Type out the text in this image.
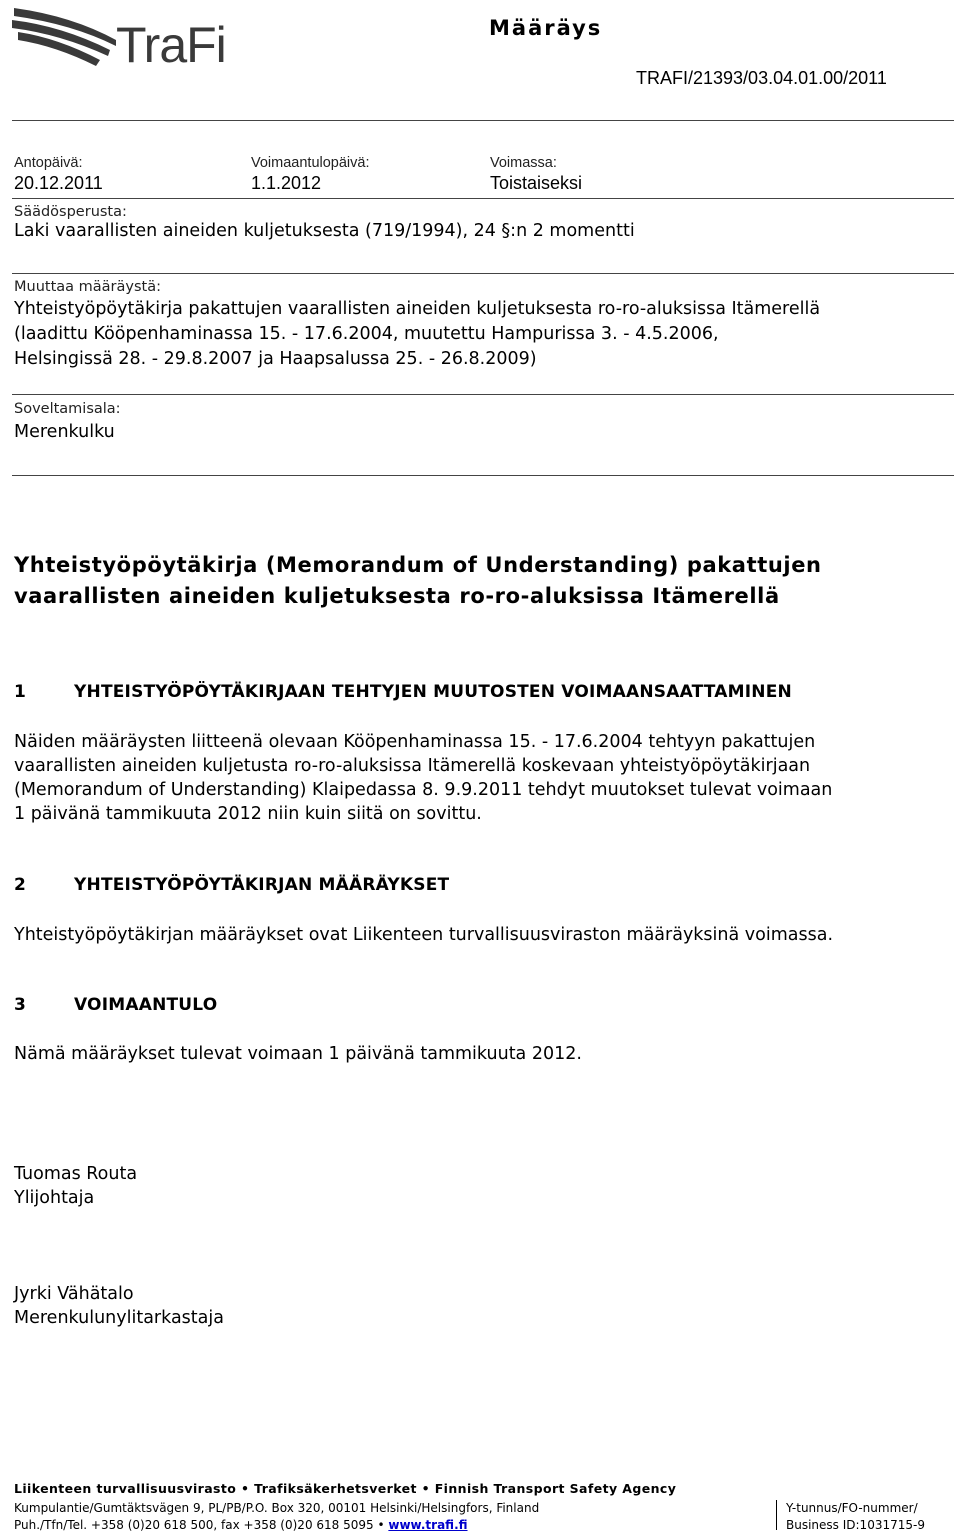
TraFi	Määräys
TRAFI/21393/03.04.01.00/2011
Antopäivä:
20.12.2011
Voimaantulopäivä:
1.1.2012
Voimassa:
Toistaiseksi
Säädösperusta:
Laki vaarallisten aineiden kuljetuksesta (719/1994), 24 §:n 2 momentti
Muuttaa määräystä:
Yhteistyöpöytäkirja pakattujen vaarallisten aineiden kuljetuksesta ro-ro-aluksissa Itämerellä
(laadittu Kööpenhaminassa 15. - 17.6.2004, muutettu Hampurissa 3. - 4.5.2006,
Helsingissä 28. - 29.8.2007 ja Haapsalussa 25. - 26.8.2009)
Soveltamisala:
Merenkulku
Yhteistyöpöytäkirja (Memorandum of Understanding) pakattujen
vaarallisten aineiden kuljetuksesta ro-ro-aluksissa Itämerellä
1	YHTEISTYÖPÖYTÄKIRJAAN TEHTYJEN MUUTOSTEN VOIMAANSAATTAMINEN
Näiden määräysten liitteenä olevaan Kööpenhaminassa 15. - 17.6.2004 tehtyyn pakattujen
vaarallisten aineiden kuljetusta ro-ro-aluksissa Itämerellä koskevaan yhteistyöpöytäkirjaan
(Memorandum of Understanding) Klaipedassa 8. 9.9.2011 tehdyt muutokset tulevat voimaan
1 päivänä tammikuuta 2012 niin kuin siitä on sovittu.
2	YHTEISTYÖPÖYTÄKIRJAN MÄÄRÄYKSET
Yhteistyöpöytäkirjan määräykset ovat Liikenteen turvallisuusviraston määräyksinä voimassa.
3	VOIMAANTULO
Nämä määräykset tulevat voimaan 1 päivänä tammikuuta 2012.
Tuomas Routa
Ylijohtaja
Jyrki Vähätalo
Merenkulunylitarkastaja
Liikenteen turvallisuusvirasto • Trafiksäkerhetsverket • Finnish Transport Safety Agency
Kumpulantie/Gumtäktsvägen 9, PL/PB/P.O. Box 320, 00101 Helsinki/Helsingfors, Finland
Puh./Tfn/Tel. +358 (0)20 618 500, fax +358 (0)20 618 5095 • www.trafi.fi
Y-tunnus/FO-nummer/
Business ID:1031715-9
